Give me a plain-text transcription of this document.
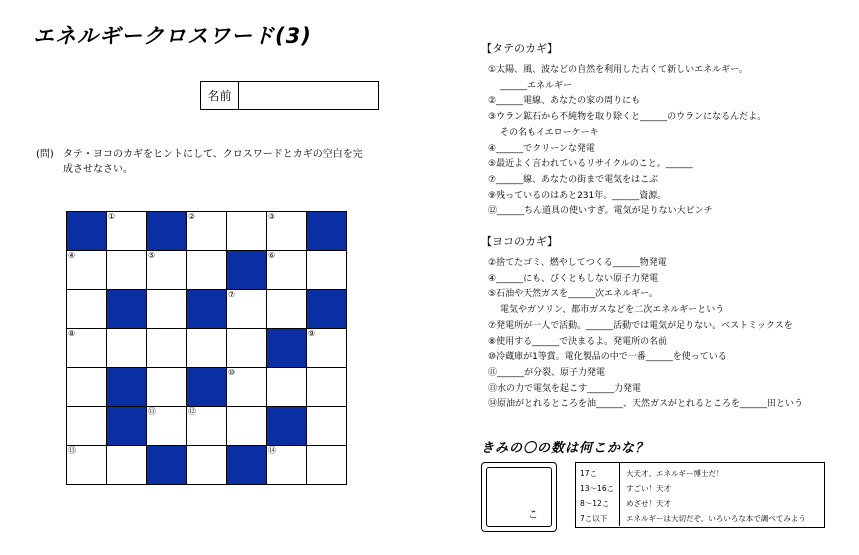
エネルギークロスワード(3)
名前
(問) タテ・ヨコのカギをヒントにして、クロスワードとカギの空白を完
成させなさい。
①	②	③
④	⑤	⑥
⑦
⑧	⑨
⑩
⑪	⑫
⑬	⑭
【タテのカギ】
①太陽、風、波などの自然を利用した古くて新しいエネルギー。
______エネルギー
②______電線、あなたの家の周りにも
③ウラン鉱石から不純物を取り除くと______のウランになるんだよ。
その名もイエローケーキ
④______でクリーンな発電
⑤最近よく言われているリサイクルのこと。______
⑦______線、あなたの街まで電気をはこぶ
⑨残っているのはあと231年。______資源。
⑫______ちん道具の使いすぎ。電気が足りない大ピンチ
【ヨコのカギ】
②捨てたゴミ、燃やしてつくる______物発電
④______にも、びくともしない原子力発電
⑤石油や天然ガスを______次エネルギー。
電気やガソリン、都市ガスなどを二次エネルギーという
⑦発電所が一人で活動。______活動では電気が足りない。ベストミックスを
⑧使用する______で決まるよ。発電所の名前
⑩冷蔵庫が1等賞。電化製品の中で一番______を使っている
⑪______が分裂、原子力発電
⑬水の力で電気を起こす______力発電
⑭原油がとれるところを油______、天然ガスがとれるところを______田という
きみの〇の数は何こかな？
こ
17こ	大天才、エネルギー博士だ！
13〜16こ	すごい！天才
8〜12こ	めざせ！天才
7こ以下	エネルギーは大切だぞ、いろいろな本で調べてみよう
